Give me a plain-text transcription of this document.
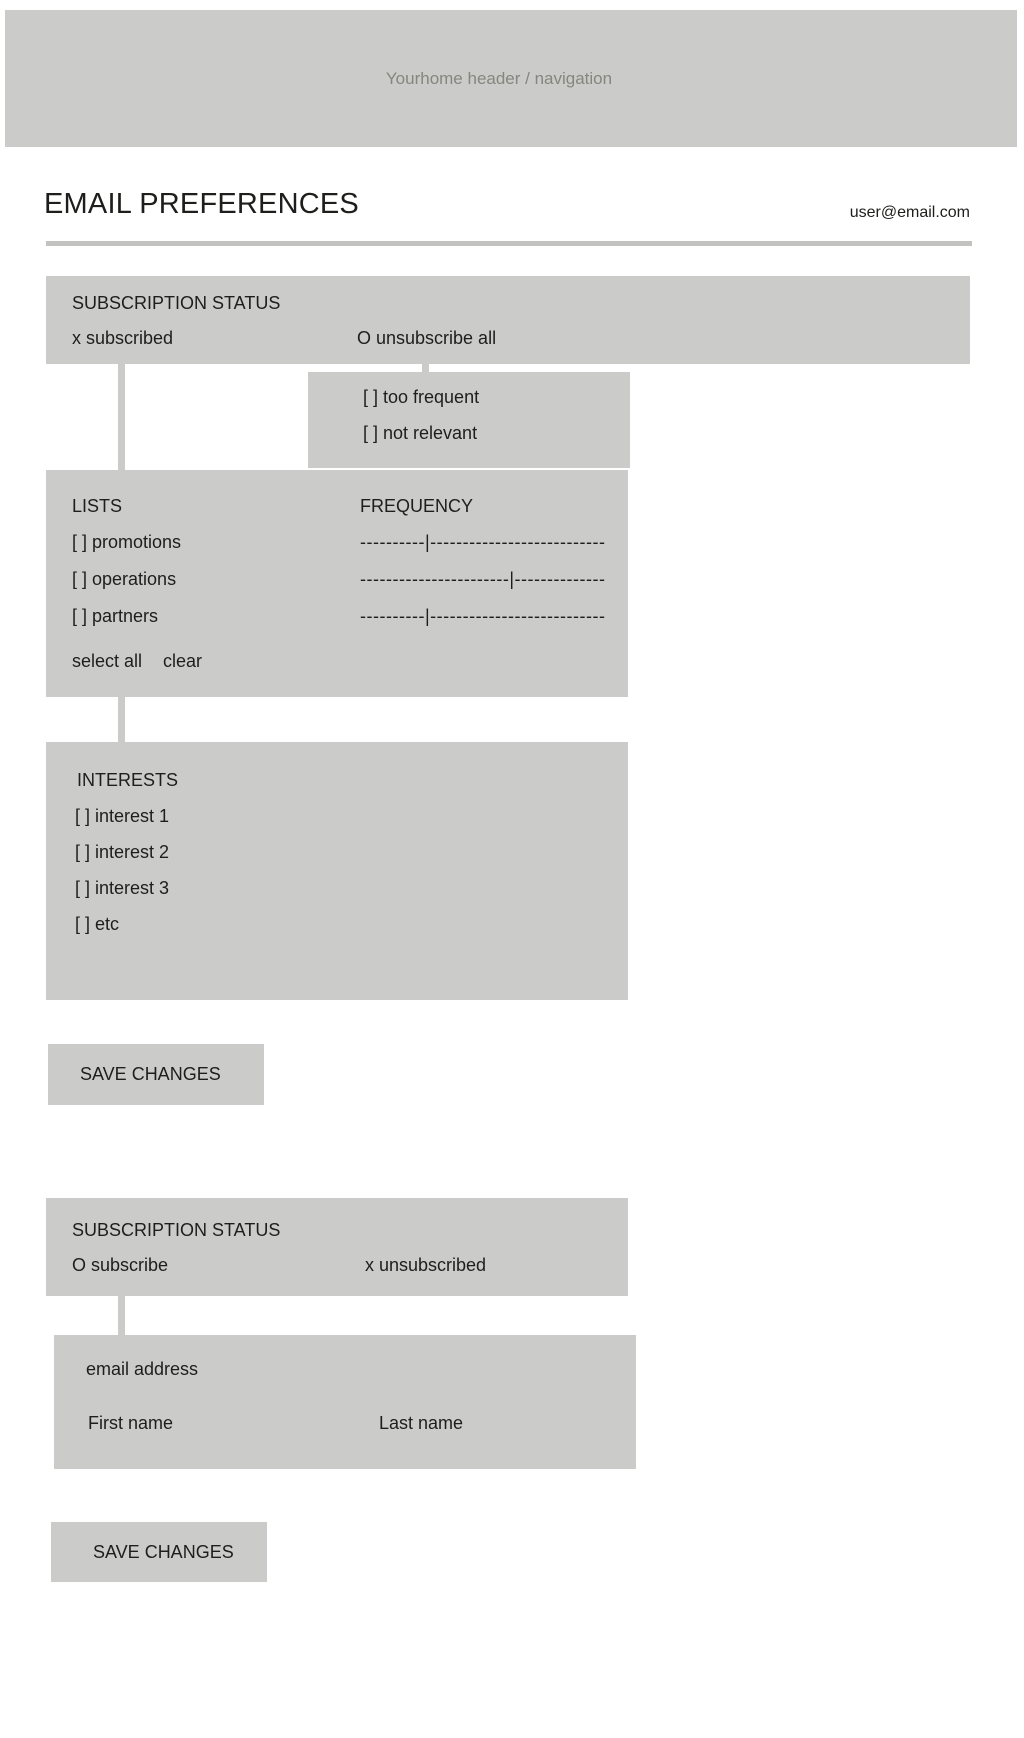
Yourhome header / navigation
EMAIL PREFERENCES	user@email.com
SUBSCRIPTION STATUS
x subscribed	O unsubscribe all
[ ] too frequent
[ ] not relevant
LISTS	FREQUENCY
[ ] promotions	----------|---------------------------
[ ] operations	-----------------------|--------------
[ ] partners	----------|---------------------------
select all clear
INTERESTS
[ ] interest 1
[ ] interest 2
[ ] interest 3
[ ] etc
SAVE CHANGES
SUBSCRIPTION STATUS
O subscribe	x unsubscribed
email address
First name	Last name
SAVE CHANGES
